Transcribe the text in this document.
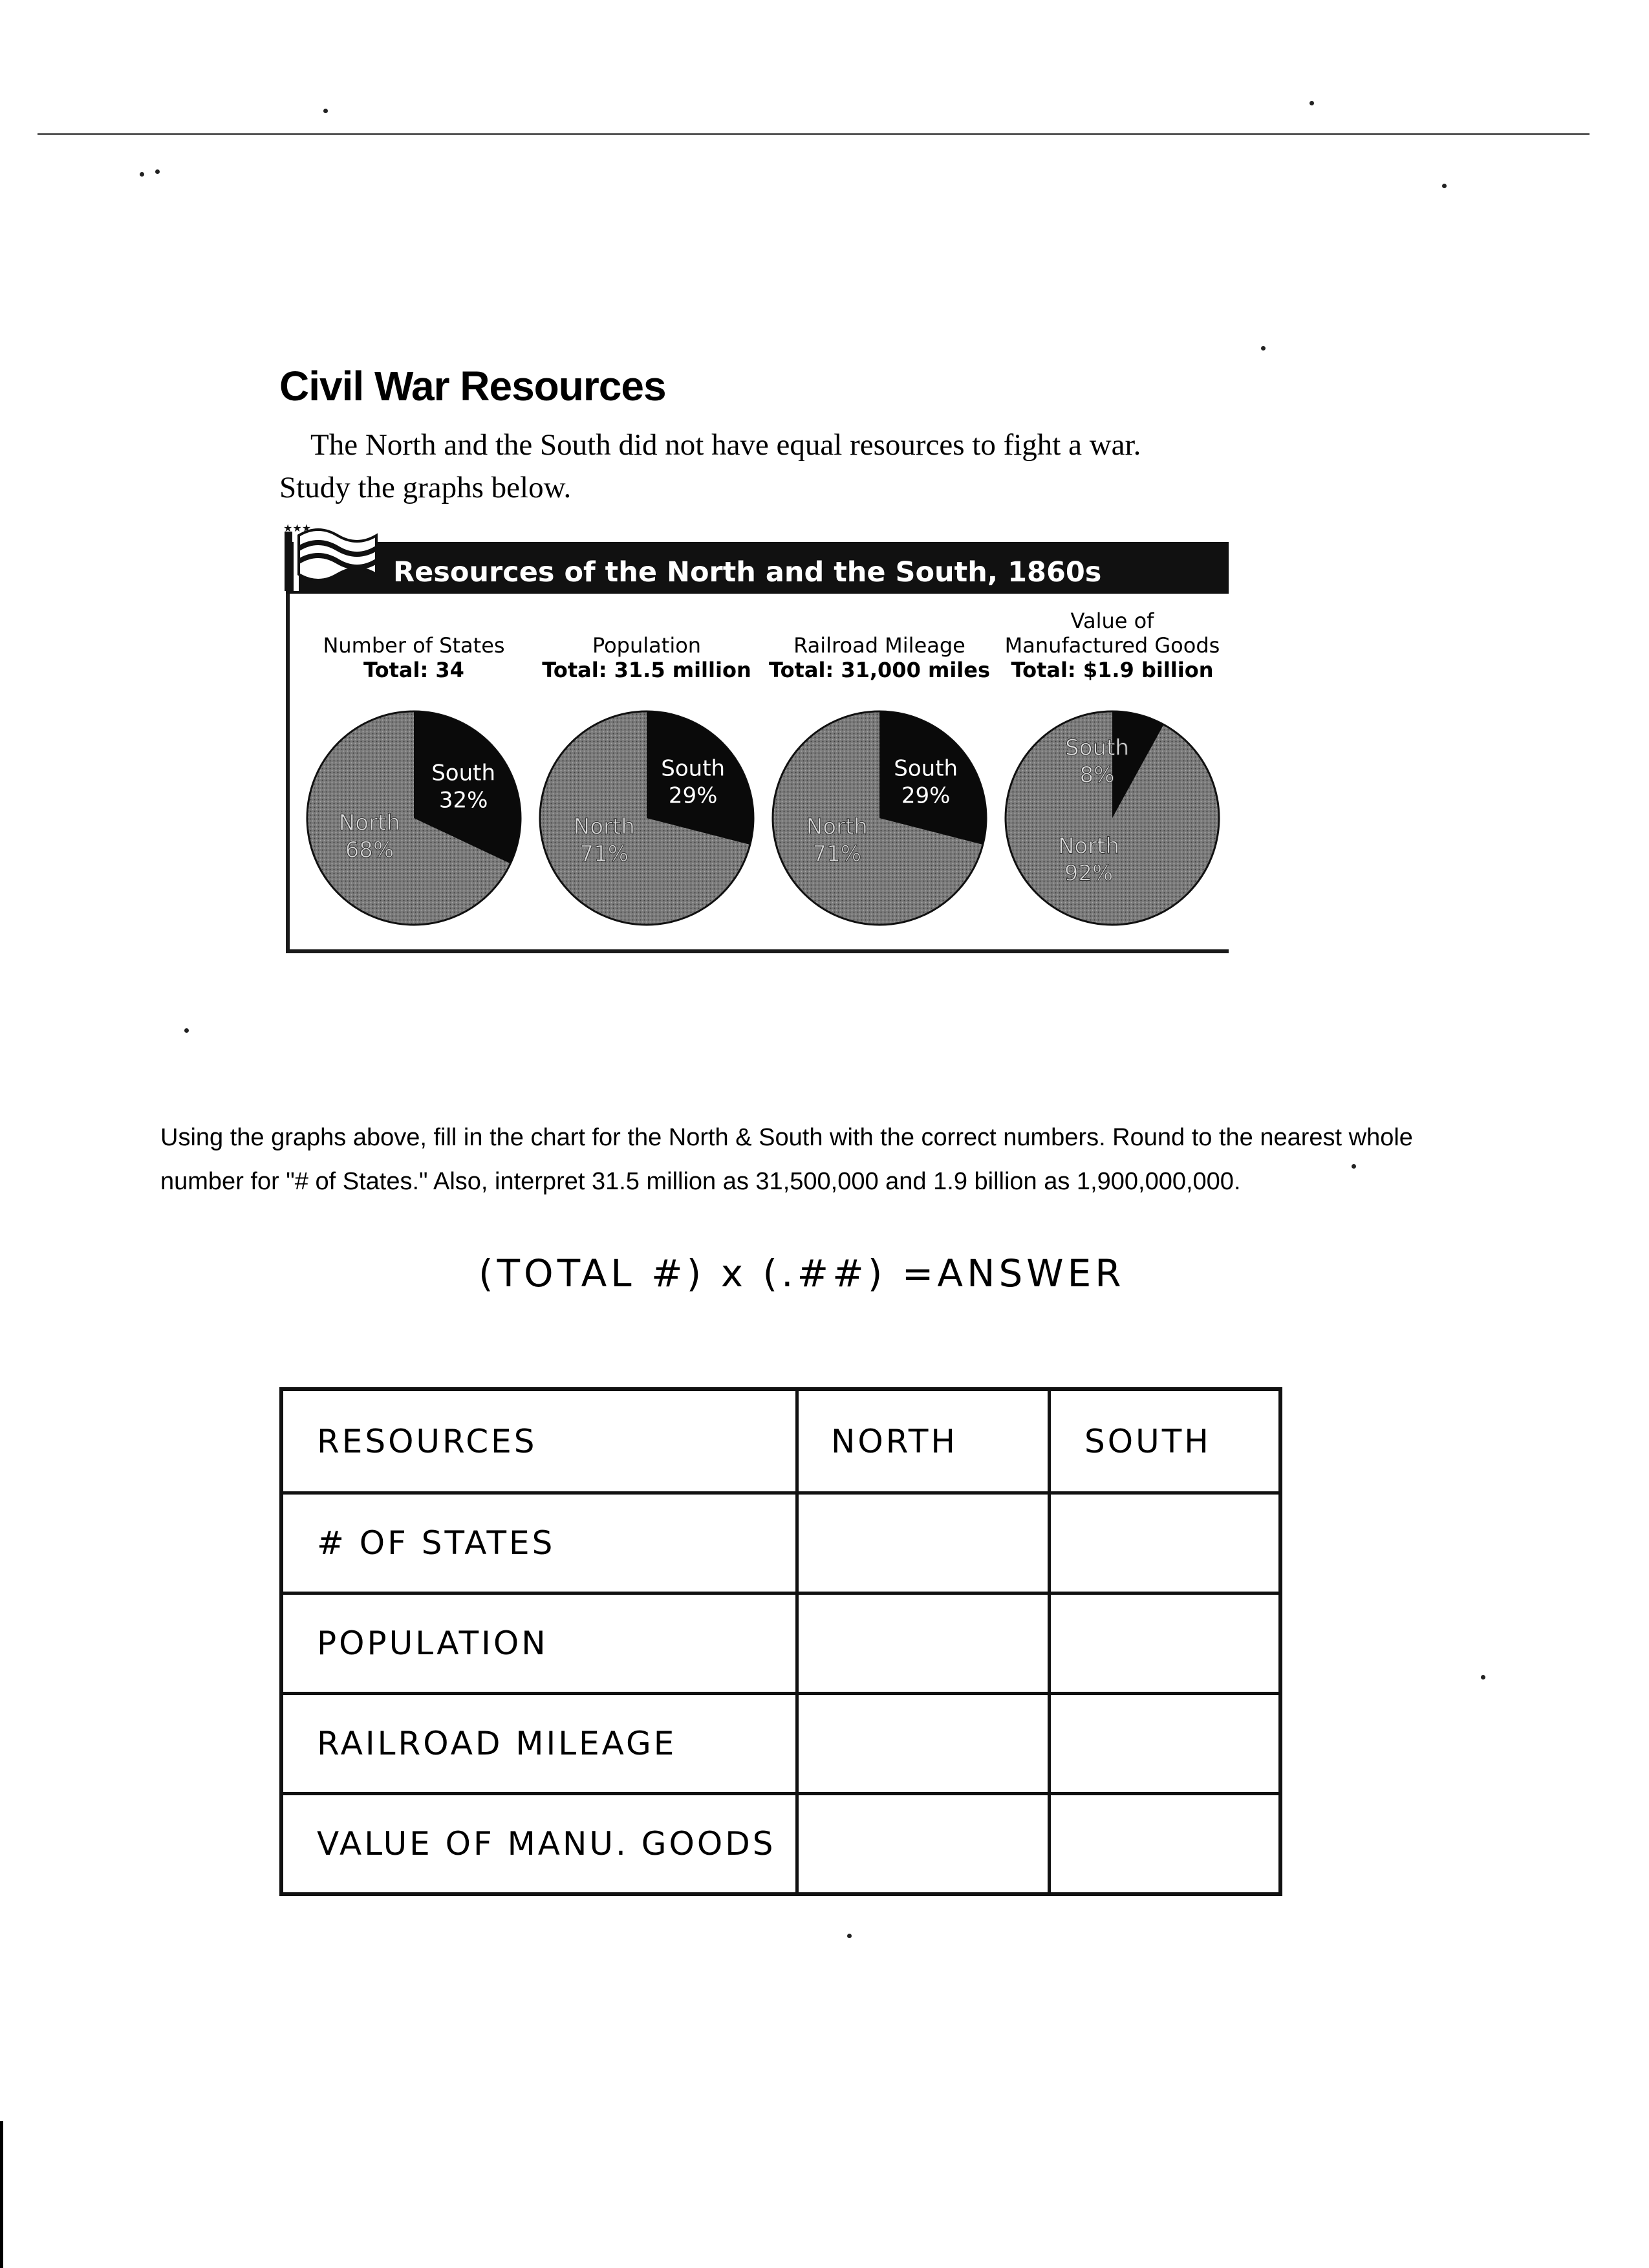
Civil War Resources
The North and the South did not have equal resources to fight a war.
Study the graphs below.
★★★
Resources of the North and the South, 1860s
South
32%
North
68%
South
29%
North
71%
South
29%
North
71%
South
8%
North
92%
Number of States
Total: 34
Population
Total: 31.5 million
Railroad Mileage
Total: 31,000 miles
Value of
Manufactured Goods
Total: $1.9 billion
Using the graphs above, fill in the chart for the North & South with the correct numbers. Round to the nearest whole number for "# of States." Also, interpret 31.5 million as 31,500,000 and 1.9 billion as 1,900,000,000.
(TOTAL #) x (.##) =ANSWER
RESOURCES	NORTH	SOUTH
# OF STATES		
POPULATION		
RAILROAD MILEAGE		
VALUE OF MANU. GOODS		
